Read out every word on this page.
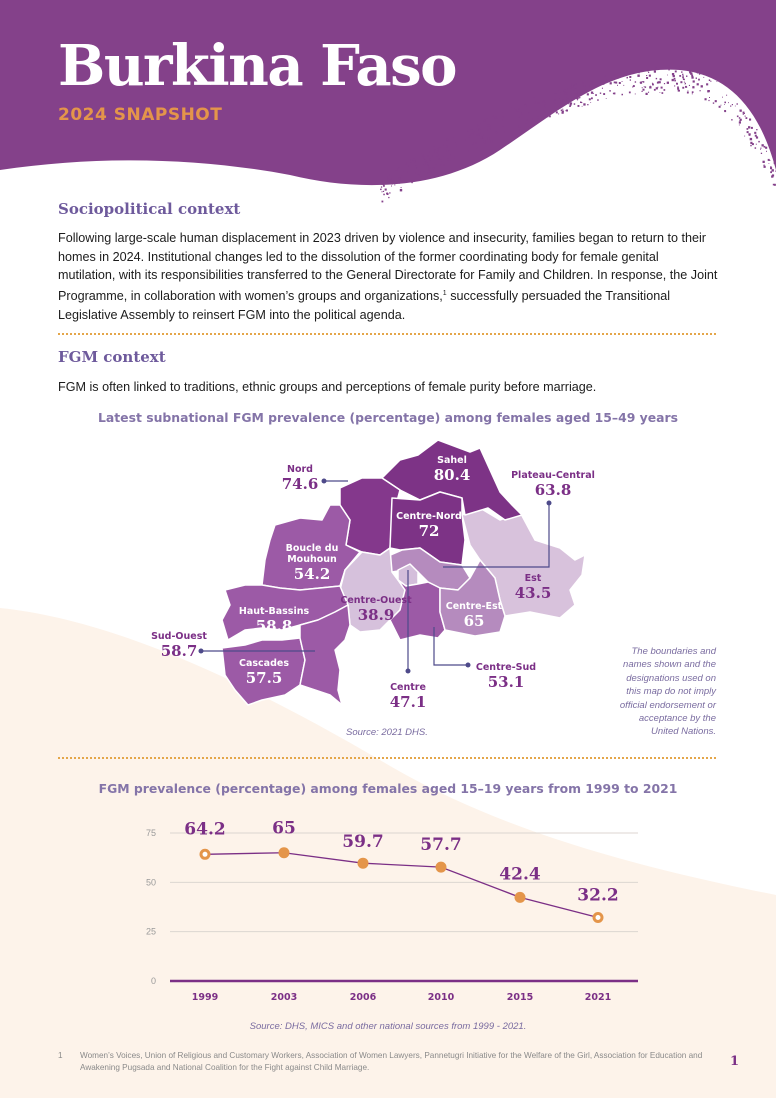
Burkina Faso
2024 SNAPSHOT
Sociopolitical context
Following large-scale human displacement in 2023 driven by violence and insecurity, families began to return to their
homes in 2024. Institutional changes led to the dissolution of the former coordinating body for female genital
mutilation, with its responsibilities transferred to the General Directorate for Family and Children. In response, the Joint
Programme, in collaboration with women’s groups and organizations,$^1$ successfully persuaded the Transitional
Legislative Assembly to reinsert FGM into the political agenda.
FGM context
FGM is often linked to traditions, ethnic groups and perceptions of female purity before marriage.
Latest subnational FGM prevalence (percentage) among females aged 15–49 years
Sahel
80.4
Nord
74.6	Plateau-Central
63.8
Centre-Nord
72
Boucle du
Mouhoun
54.2	Est
43.5
Centre-Ouest
38.9	Centre-Est
65
Haut-Bassins
58.8
Sud-Ouest
58.7
Cascades
57.5
Centre
47.1
Centre-Sud
53.1
Source: 2021 DHS.
The boundaries and names shown and the designations used on this map do not imply official endorsement or acceptance by the United Nations.
FGM prevalence (percentage) among females aged 15–19 years from 1999 to 2021
0
25
50
75 64.2
1999
65
2003
59.7
2006
57.7
2010
42.4
2015
32.2
2021
Source: DHS, MICS and other national sources from 1999 - 2021.
1 Women’s Voices, Union of Religious and Customary Workers, Association of Women Lawyers, Pannetugri Initiative for the Welfare of the Girl, Association for Education and Awakening Pugsada and National Coalition for the Fight against Child Marriage.	1
